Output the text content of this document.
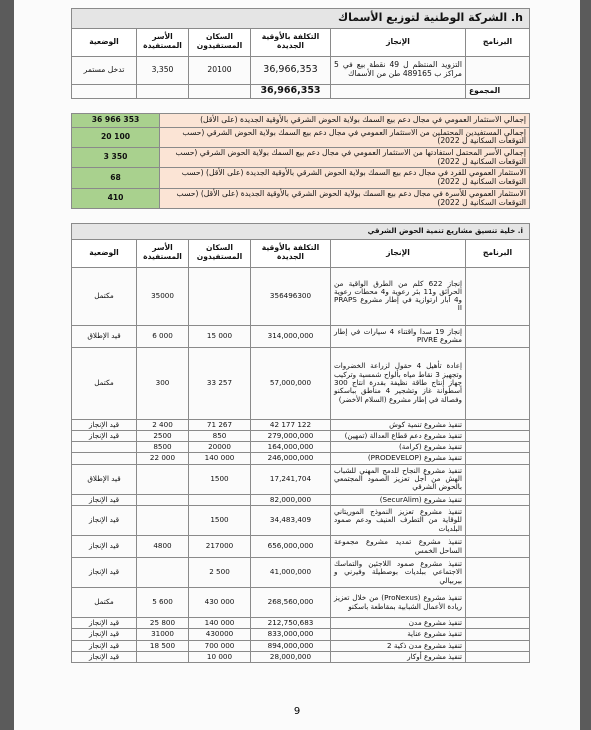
h. الشركة الوطنية لتوزيع الأسماك					
البرنامج	الإنجاز	التكلفة بالأوقية الجديدة	السكان المستفيدون	الأسر المستفيدة	الوضعية
	التزويد المنتظم ل 49 نقطة بيع في 5 مراكز ب 489165 طن من الأسماك	36,966,353	20100	3,350	تدخل مستمر
المجموع		36,966,353			
إجمالي الاستثمار العمومي في مجال دعم بيع السمك بولاية الحوض الشرقي بالأوقية الجديدة (على الأقل)	36 966 353
إجمالي المستفيدين المحتملين من الاستثمار العمومي في مجال دعم بيع السمك بولاية الحوض الشرقي (حسب التوقعات السكانية ل 2022)	20 100
إجمالي الأسر المحتمل استفادتها من الاستثمار العمومي في مجال دعم بيع السمك بولاية الحوض الشرقي (حسب التوقعات السكانية ل 2022)	3 350
الاستثمار العمومي للفرد في مجال دعم بيع السمك بولاية الحوض الشرقي بالأوقية الجديدة (على الأقل) (حسب التوقعات السكانية ل 2022)	68
الاستثمار العمومي للأسرة في مجال دعم بيع السمك بولاية الحوض الشرقي بالأوقية الجديدة (على الأقل) (حسب التوقعات السكانية ل 2022)	410
i. خلية تنسيق مشاريع تنمية الحوض الشرقي					
البرنامج	الإنجاز	التكلفة بالأوقية الجديدة	السكان المستفيدون	الأسر المستفيدة	الوضعية
	إنجاز 622 كلم من الطرق الواقية من الحرائق و11 بئر رعوية و4 محطات رعوية و4 آبار ارتوازية في إطار مشروع PRAPS II	356496300		35000	مكتمل
	إنجاز 19 سدا واقتناء 4 سيارات في إطار مشروع PIVRE	314,000,000	15 000	6 000	قيد الإطلاق
	إعادة تأهيل 4 حقول لزراعة الخضروات وتجهيز 3 نقاط مياه بألواح شمسية وتركيب جهاز إنتاج طاقة نظيفة بقدرة انتاج 300 أسطوانة غاز وتشجير 4 مناطق بباسكنو وفصالة في إطار مشروع (السلام الأخضر)	57,000,000	33 257	300	مكتمل
	تنفيذ مشروع تنمية كوش	42 177 122	71 267	2 400	قيد الإنجاز
	تنفيذ مشروع دعم قطاع العدالة (تمهين)	279,000,000	850	2500	قيد الإنجاز
	تنفيذ مشروع (كرامة)	164,000,000	20000	8500	
	تنفيذ مشروع (PRODEVELOP)	246,000,000	140 000	22 000	
	تنفيذ مشروع النجاح للدمج المهني للشباب الهش من أجل تعزيز الصمود المجتمعي بالحوض الشرقي	17,241,704	1500		قيد الإطلاق
	تنفيذ مشروع (SecurAlim)	82,000,000			قيد الإنجاز
	تنفيذ مشروع تعزيز النموذج الموريتاني للوقاية من التطرف العنيف ودعم صمود البلديات	34,483,409	1500		قيد الإنجاز
	تنفيذ مشروع تمديد مشروع مجموعة الساحل الخمس	656,000,000	217000	4800	قيد الإنجاز
	تنفيذ مشروع صمود اللاجئين والتماسك الاجتماعي ببلديات بوصطيلة وفيرني و بيربيالي	41,000,000	2 500		قيد الإنجاز
	تنفيذ مشروع (ProNexus) من خلال تعزيز ريادة الأعمال الشبابية بمقاطعة باسكنو	268,560,000	430 000	5 600	مكتمل
	تنفيذ مشروع مدن	212,750,683	140 000	25 800	قيد الإنجاز
	تنفيذ مشروع عناية	833,000,000	430000	31000	قيد الإنجاز
	تنفيذ مشروع مدن ذكية 2	894,000,000	700 000	18 500	قيد الإنجاز
	تنفيذ مشروع أوكار	28,000,000	10 000		قيد الإنجاز
9
